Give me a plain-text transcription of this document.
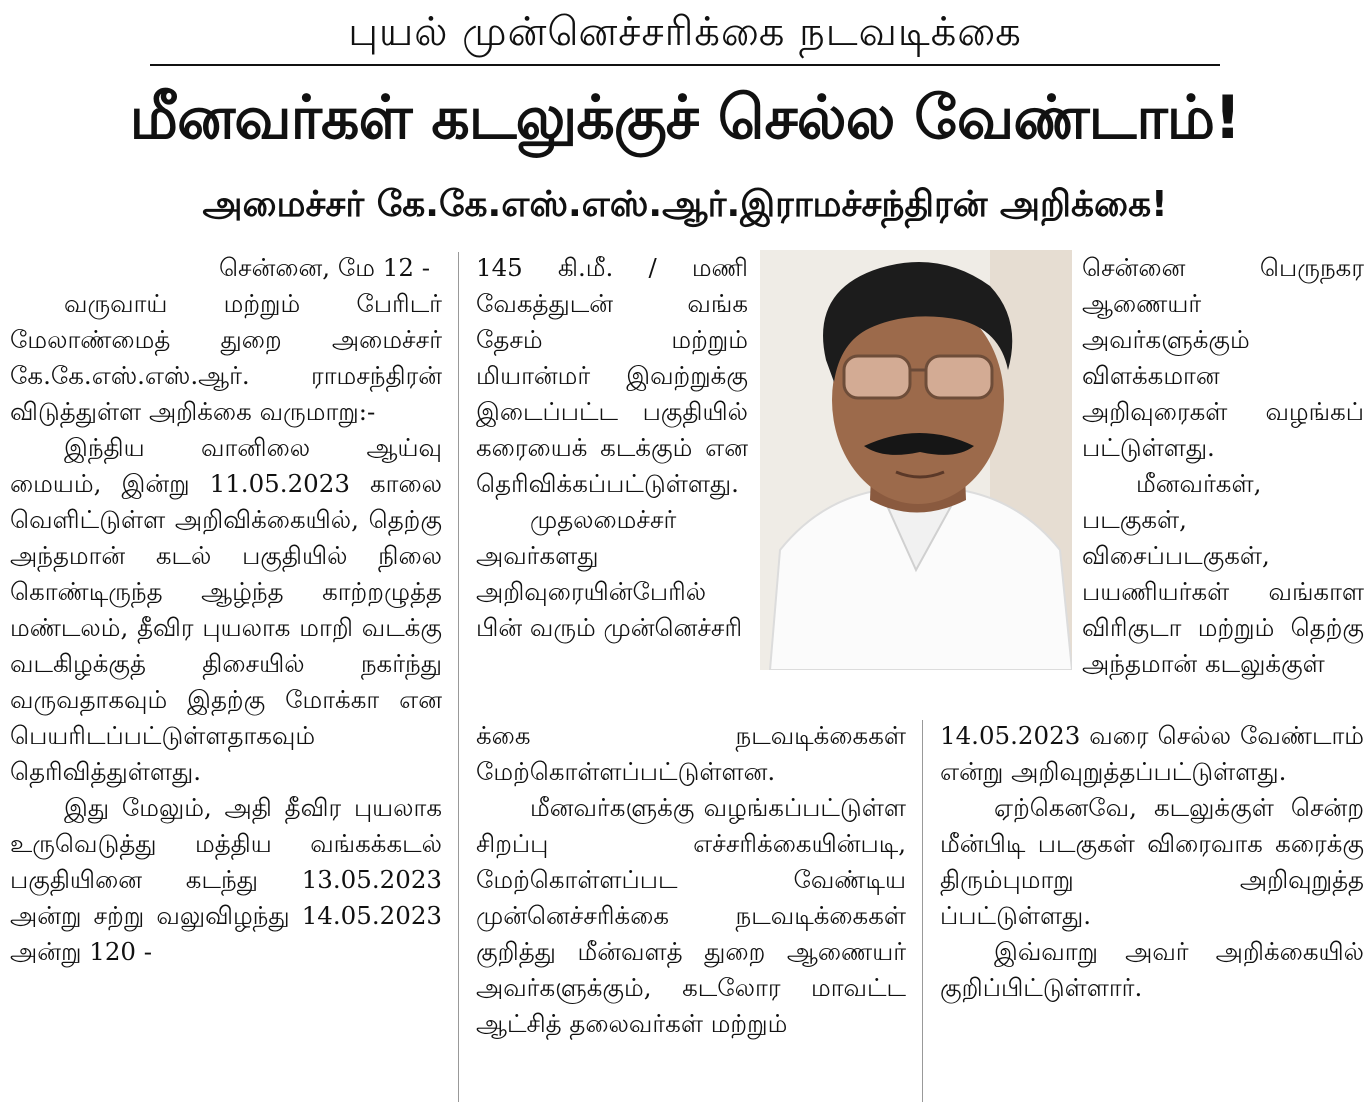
புயல் முன்னெச்சரிக்கை நடவடிக்கை
மீனவர்கள் கடலுக்குச் செல்ல வேண்டாம்!
அமைச்சர் கே.கே.எஸ்.எஸ்.ஆர்.இராமச்சந்திரன் அறிக்கை!

சென்னை, மே 12 -

வருவாய் மற்றும் பேரிடர் மேலாண்மைத் துறை அமைச்சர் கே.கே.எஸ்.எஸ்.ஆர். ராமசந்திரன் விடுத்துள்ள அறிக்கை வருமாறு:-

இந்திய வானிலை ஆய்வு மையம், இன்று 11.05.2023 காலை வெளிட்டுள்ள அறிவிக்கையில், தெற்கு அந்தமான் கடல் பகுதியில் நிலை கொண்டிருந்த ஆழ்ந்த காற்றழுத்த மண்டலம், தீவிர புயலாக மாறி வடக்கு வடகிழக்குத் திசையில் நகர்ந்து வருவதாகவும் இதற்கு மோக்கா என பெயரிடப்பட்டுள்ளதாகவும் தெரிவித்துள்ளது.

இது மேலும், அதி தீவிர புயலாக உருவெடுத்து மத்திய வங்கக்கடல் பகுதியினை கடந்து 13.05.2023 அன்று சற்று வலுவிழந்து 14.05.2023 அன்று 120 -

145 கி.மீ. / மணி வேகத்துடன் வங்க தேசம் மற்றும் மியான்மர் இவற்றுக்கு இடைப்பட்ட பகுதியில் கரையைக் கடக்கும் என தெரிவிக்கப்பட்டுள்ளது.

முதலமைச்சர் அவர்களது அறிவுரையின்பேரில் பின் வரும் முன்னெச்சரி

க்கை நடவடிக்கைகள் மேற்கொள்ளப்பட்டுள்ளன.

மீனவர்களுக்கு வழங்கப்பட்டுள்ள சிறப்பு எச்சரிக்கையின்படி, மேற்கொள்ளப்பட வேண்டிய முன்னெச்சரிக்கை நடவடிக்கைகள் குறித்து மீன்வளத் துறை ஆணையர் அவர்களுக்கும், கடலோர மாவட்ட ஆட்சித் தலைவர்கள் மற்றும்

சென்னை பெருநகர ஆணையர் அவர்களுக்கும் விளக்கமான அறிவுரைகள் வழங்கப் பட்டுள்ளது.

மீனவர்கள், படகுகள், விசைப்படகுகள், பயணியர்கள் வங்காள விரிகுடா மற்றும் தெற்கு அந்தமான் கடலுக்குள்

14.05.2023 வரை செல்ல வேண்டாம் என்று அறிவுறுத்தப்பட்டுள்ளது.

ஏற்கெனவே, கடலுக்குள் சென்ற மீன்பிடி படகுகள் விரைவாக கரைக்கு திரும்புமாறு அறிவுறுத்த ப்பட்டுள்ளது.

இவ்வாறு அவர் அறிக்கையில் குறிப்பிட்டுள்ளார்.
